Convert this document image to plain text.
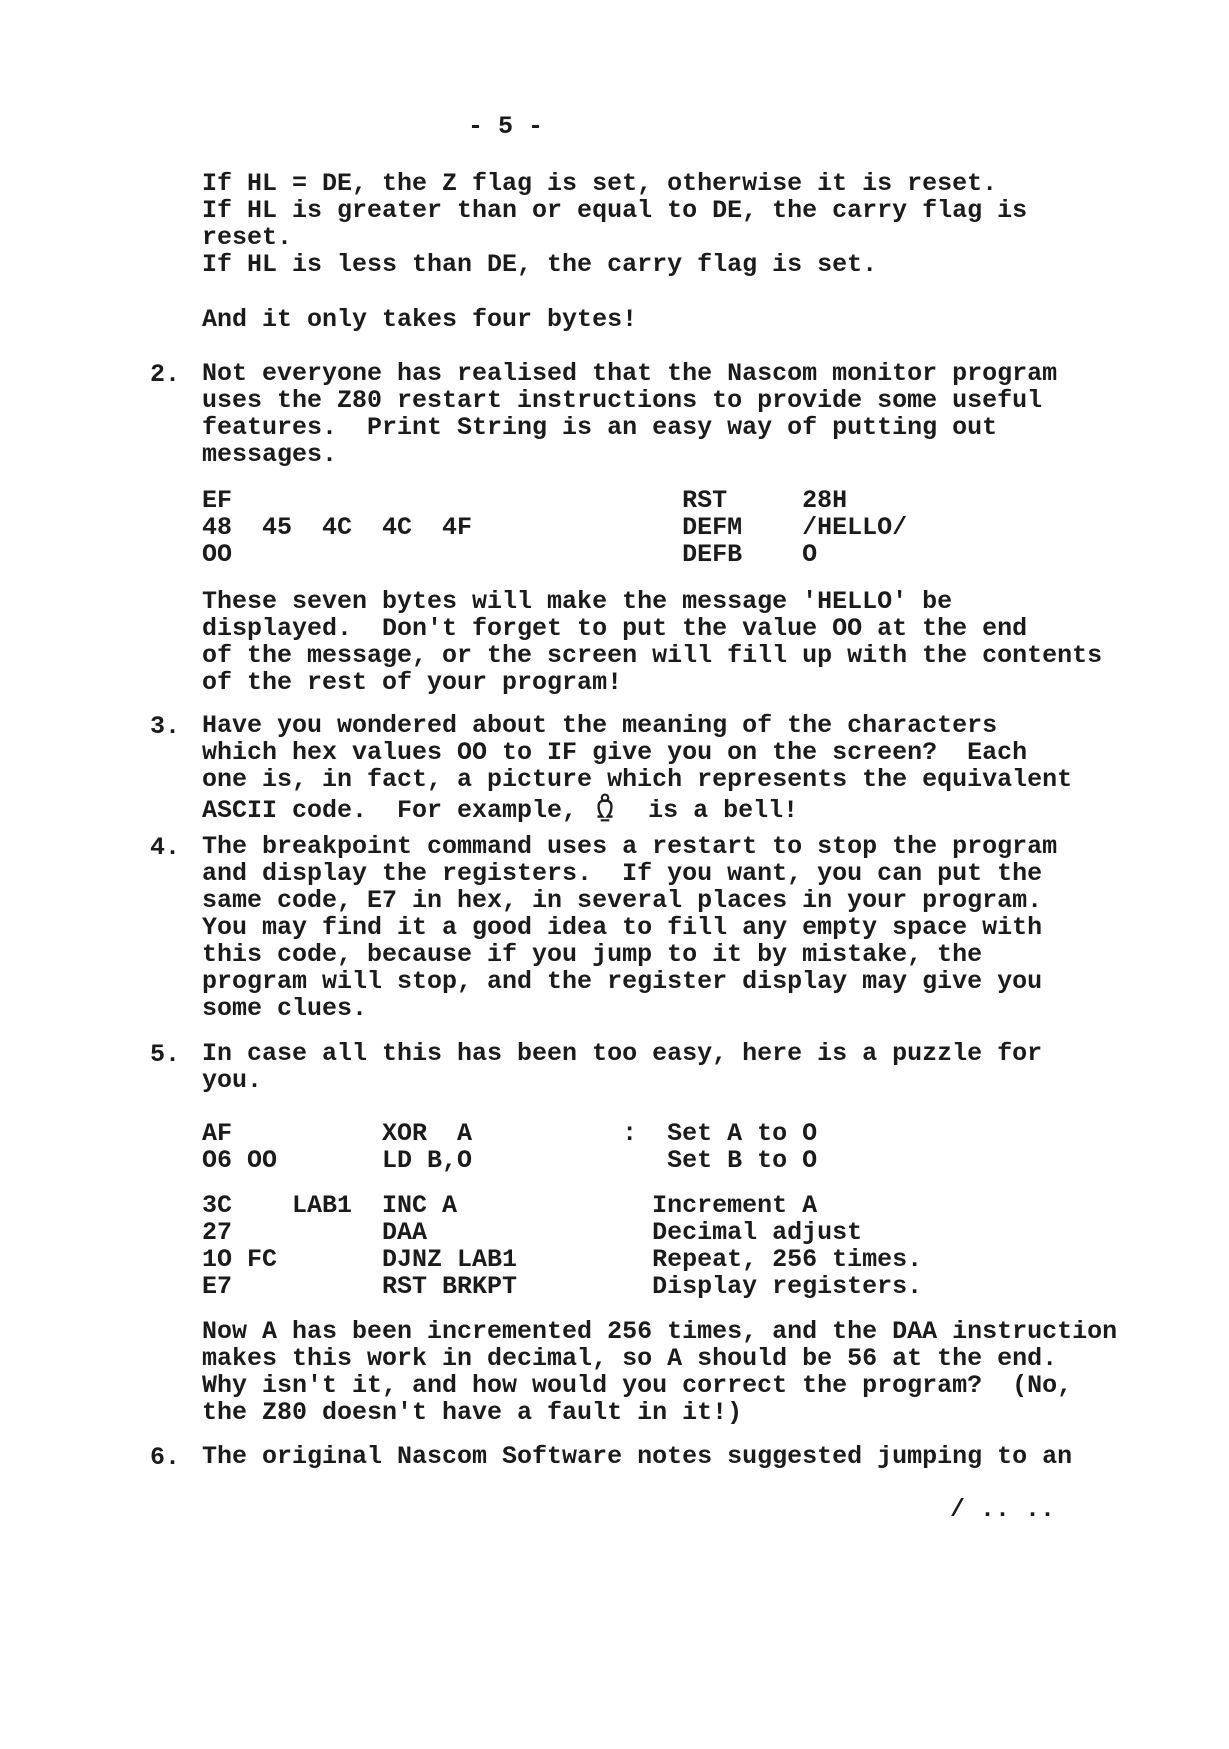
- 5 -
If HL = DE, the Z flag is set, otherwise it is reset.
If HL is greater than or equal to DE, the carry flag is
reset.
If HL is less than DE, the carry flag is set.
And it only takes four bytes!
2. Not everyone has realised that the Nascom monitor program
uses the Z80 restart instructions to provide some useful
features.  Print String is an easy way of putting out
messages.
EF                              RST     28H
48  45  4C  4C  4F              DEFM    /HELLO/
OO                              DEFB    O
These seven bytes will make the message 'HELLO' be
displayed.  Don't forget to put the value OO at the end
of the message, or the screen will fill up with the contents
of the rest of your program!
3. Have you wondered about the meaning of the characters
which hex values OO to IF give you on the screen?  Each
one is, in fact, a picture which represents the equivalent
ASCII code.  For example,
is a bell!
4. The breakpoint command uses a restart to stop the program
and display the registers.  If you want, you can put the
same code, E7 in hex, in several places in your program.
You may find it a good idea to fill any empty space with
this code, because if you jump to it by mistake, the
program will stop, and the register display may give you
some clues.
5. In case all this has been too easy, here is a puzzle for
you.
AF          XOR  A          :  Set A to O
O6 OO       LD B,O             Set B to O
3C    LAB1  INC A             Increment A
27          DAA               Decimal adjust
1O FC       DJNZ LAB1         Repeat, 256 times.
E7          RST BRKPT         Display registers.
Now A has been incremented 256 times, and the DAA instruction
makes this work in decimal, so A should be 56 at the end.
Why isn't it, and how would you correct the program?  (No,
the Z80 doesn't have a fault in it!)
6. The original Nascom Software notes suggested jumping to an
/ .. ..
